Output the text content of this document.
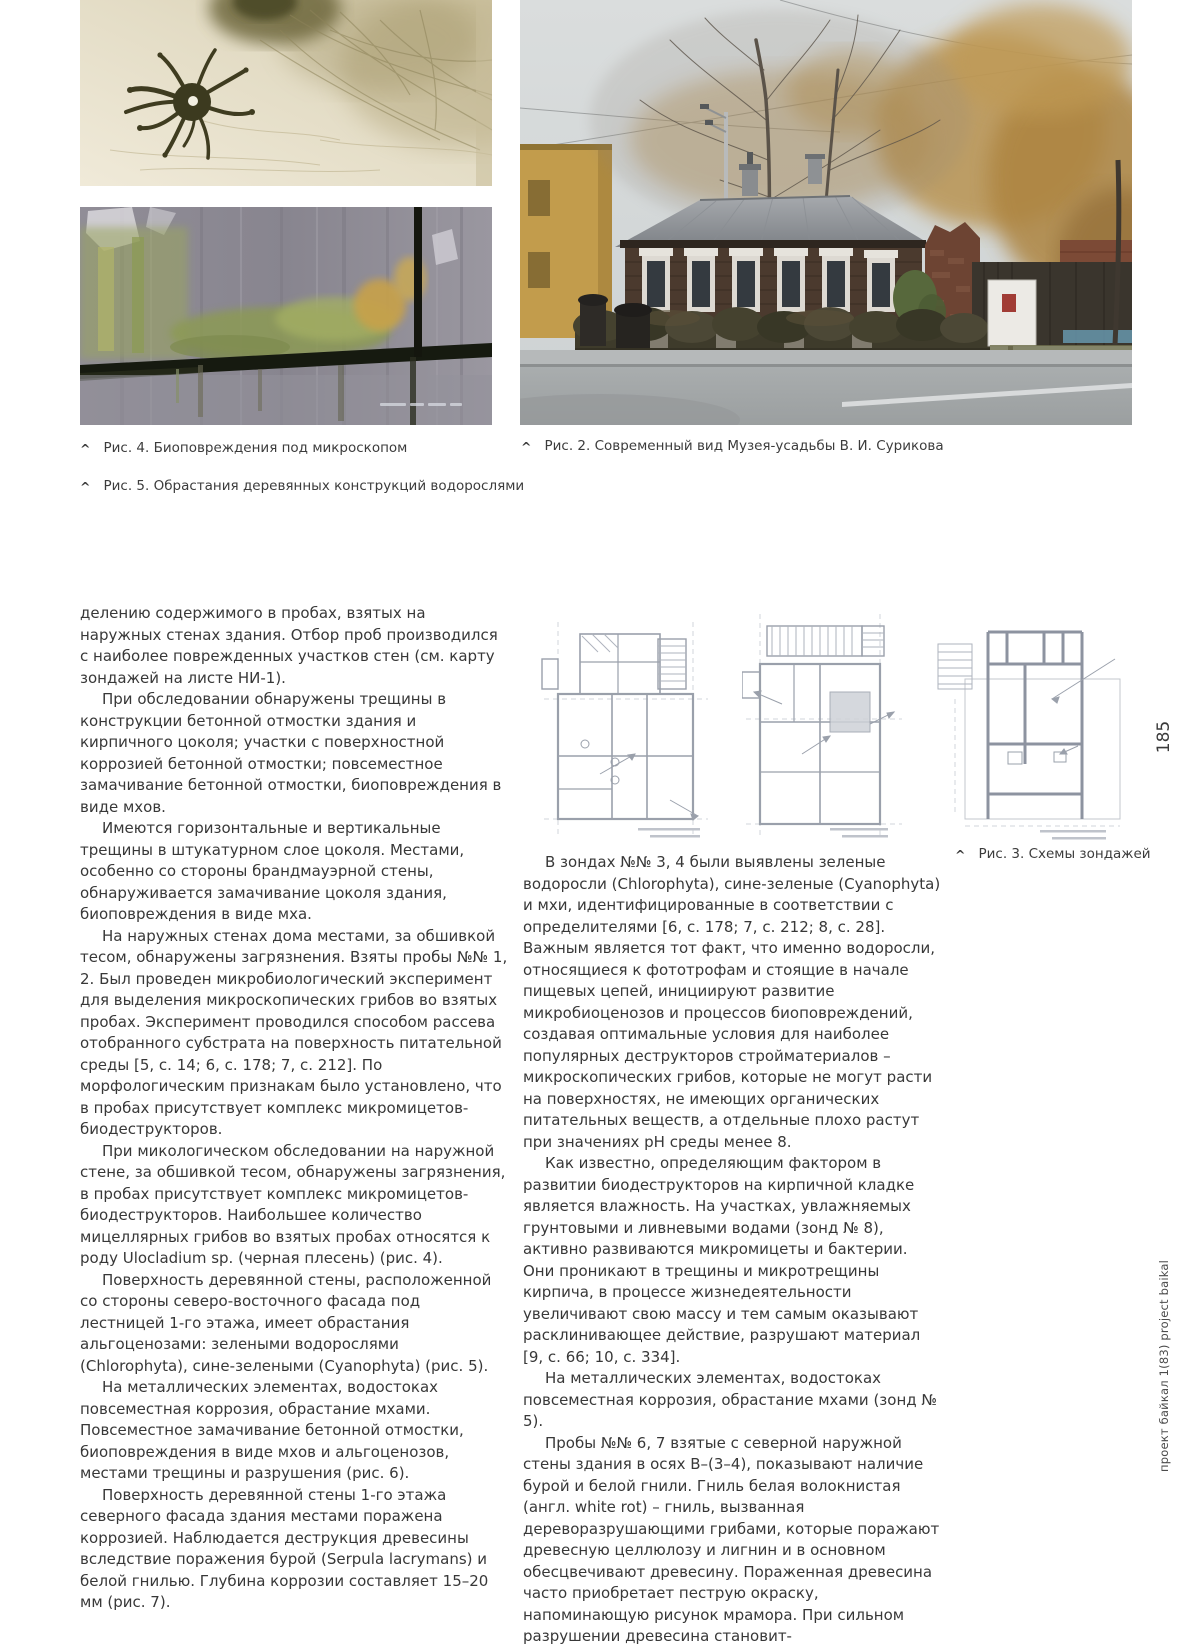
^ Рис. 4. Биоповреждения под микроскопом
^ Рис. 5. Обрастания деревянных конструкций водорослями
^ Рис. 2. Современный вид Музея-усадьбы В. И. Сурикова
^ Рис. 3. Схемы зондажей

делению содержимого в пробах, взятых на наружных стенах здания. Отбор проб производился с наиболее поврежденных участков стен (см. карту зондажей на листе НИ-1).

При обследовании обнаружены трещины в конструкции бетонной отмостки здания и кирпичного цоколя; участки с поверхностной коррозией бетонной отмостки; повсеместное замачивание бетонной отмостки, биоповреждения в виде мхов.

Имеются горизонтальные и вертикальные трещины в штукатурном слое цоколя. Местами, особенно со стороны брандмауэрной стены, обнаруживается замачивание цоколя здания, биоповреждения в виде мха.

На наружных стенах дома местами, за обшивкой тесом, обнаружены загрязнения. Взяты пробы №№ 1, 2. Был проведен микробиологический эксперимент для выделения микроскопических грибов во взятых пробах. Эксперимент проводился способом рассева отобранного субстрата на поверхность питательной среды [5, с. 14; 6, с. 178; 7, с. 212]. По морфологическим признакам было установлено, что в пробах присутствует комплекс микромицетов-биодеструкторов.

При микологическом обследовании на наружной стене, за обшивкой тесом, обнаружены загрязнения, в пробах присутствует комплекс микромицетов-биодеструкторов. Наибольшее количество мицеллярных грибов во взятых пробах относятся к роду Ulocladium sp. (черная плесень) (рис. 4).

Поверхность деревянной стены, расположенной со стороны северо-восточного фасада под лестницей 1-го этажа, имеет обрастания альгоценозами: зелеными водорослями (Chlorophyta), сине-зелеными (Cyanophyta) (рис. 5).

На металлических элементах, водостоках повсеместная коррозия, обрастание мхами. Повсеместное замачивание бетонной отмостки, биоповреждения в виде мхов и альгоценозов, местами трещины и разрушения (рис. 6).

Поверхность деревянной стены 1-го этажа северного фасада здания местами поражена коррозией. Наблюдается деструкция древесины вследствие поражения бурой (Serpula lacrymans) и белой гнилью. Глубина коррозии составляет 15–20 мм (рис. 7).

В зондах №№ 3, 4 были выявлены зеленые водоросли (Chlorophyta), сине-зеленые (Cyanophyta) и мхи, идентифицированные в соответствии с определителями [6, с. 178; 7, с. 212; 8, с. 28]. Важным является тот факт, что именно водоросли, относящиеся к фототрофам и стоящие в начале пищевых цепей, инициируют развитие микробиоценозов и процессов биоповреждений, создавая оптимальные условия для наиболее популярных деструкторов стройматериалов – микроскопических грибов, которые не могут расти на поверхностях, не имеющих органических питательных веществ, а отдельные плохо растут при значениях pH среды менее 8.

Как известно, определяющим фактором в развитии биодеструкторов на кирпичной кладке является влажность. На участках, увлажняемых грунтовыми и ливневыми водами (зонд № 8), активно развиваются микромицеты и бактерии. Они проникают в трещины и микротрещины кирпича, в процессе жизнедеятельности увеличивают свою массу и тем самым оказывают расклинивающее действие, разрушают материал [9, с. 66; 10, с. 334].

На металлических элементах, водостоках повсеместная коррозия, обрастание мхами (зонд № 5).

Пробы №№ 6, 7 взятые с северной наружной стены здания в осях В–(3–4), показывают наличие бурой и белой гнили. Гниль белая волокнистая (англ. white rot) – гниль, вызванная дереворазрушающими грибами, которые поражают древесную целлюлозу и лигнин и в основном обесцвечивают древесину. Пораженная древесина часто приобретает пеструю окраску, напоминающую рисунок мрамора. При сильном разрушении древесина становит-

185
проект байкал 1(83) project baikal
